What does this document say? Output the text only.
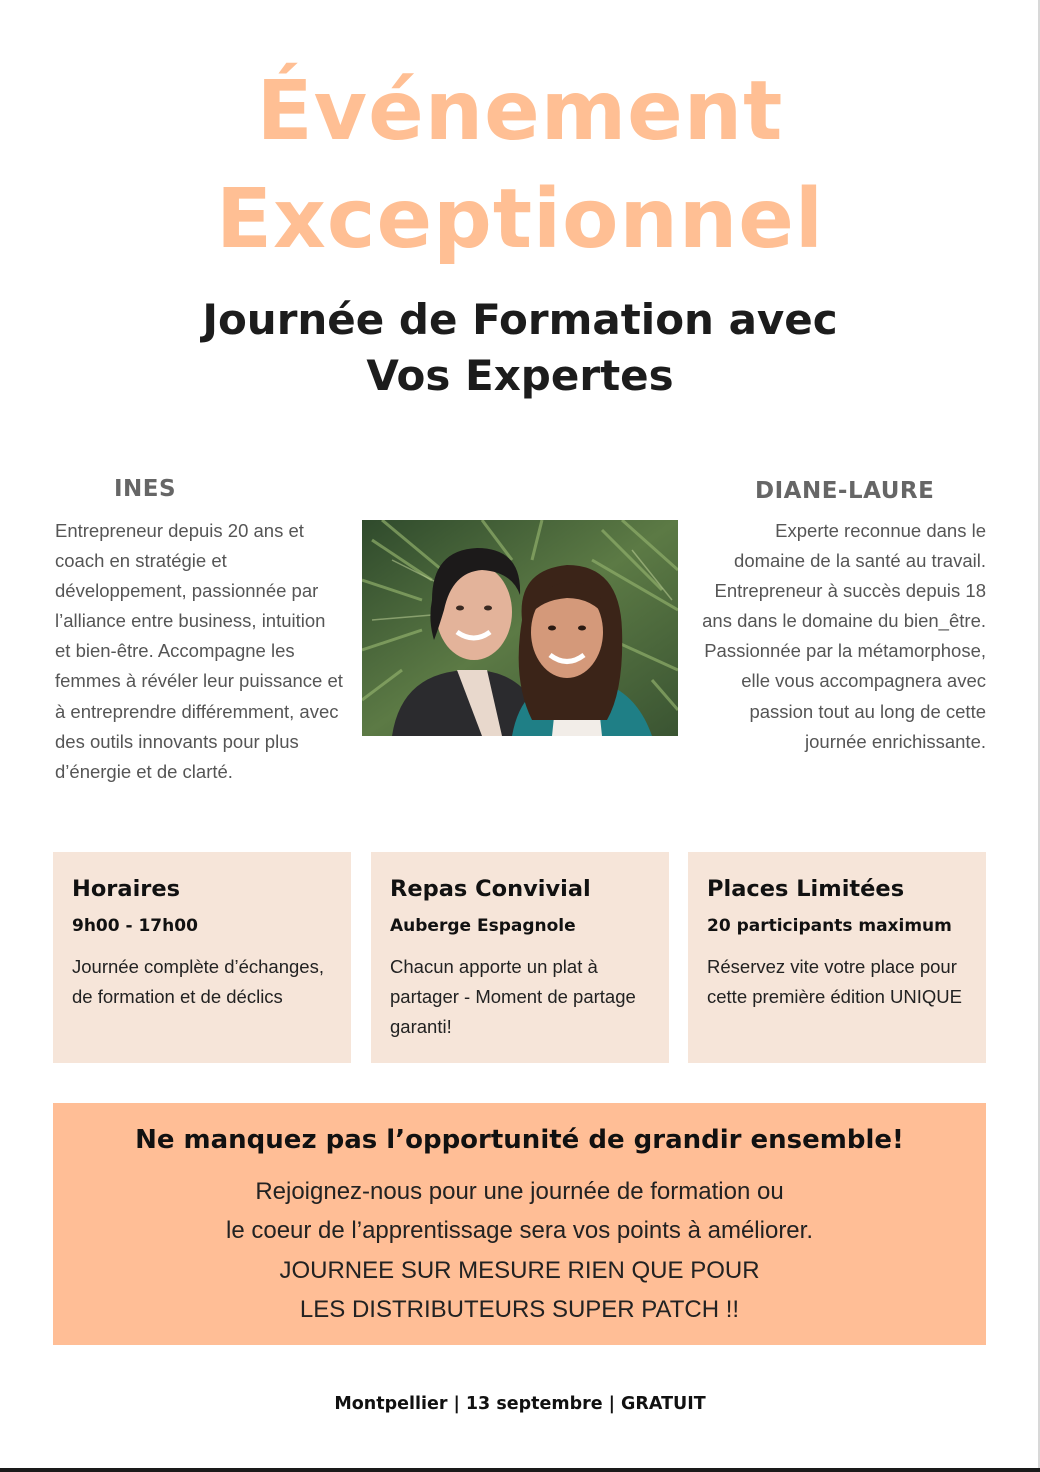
Événement
Exceptionnel
Journée de Formation avec
Vos Expertes
INES
Entrepreneur depuis 20 ans et coach en stratégie et développement, passionnée par l’alliance entre business, intuition et bien-être. Accompagne les femmes à révéler leur puissance et à entreprendre différemment, avec des outils innovants pour plus d’énergie et de clarté.
DIANE-LAURE
Experte reconnue dans le domaine de la santé au travail. Entrepreneur à succès depuis 18 ans dans le domaine du bien_être. Passionnée par la métamorphose, elle vous accompagnera avec passion tout au long de cette journée enrichissante.
Horaires
9h00 - 17h00
Journée complète d’échanges, de formation et de déclics
Repas Convivial
Auberge Espagnole
Chacun apporte un plat à partager - Moment de partage garanti!
Places Limitées
20 participants maximum
Réservez vite votre place pour cette première édition UNIQUE
Ne manquez pas l’opportunité de grandir ensemble!
Rejoignez-nous pour une journée de formation ou
le coeur de l’apprentissage sera vos points à améliorer.
JOURNEE SUR MESURE RIEN QUE POUR
LES DISTRIBUTEURS SUPER PATCH !!
Montpellier | 13 septembre | GRATUIT
